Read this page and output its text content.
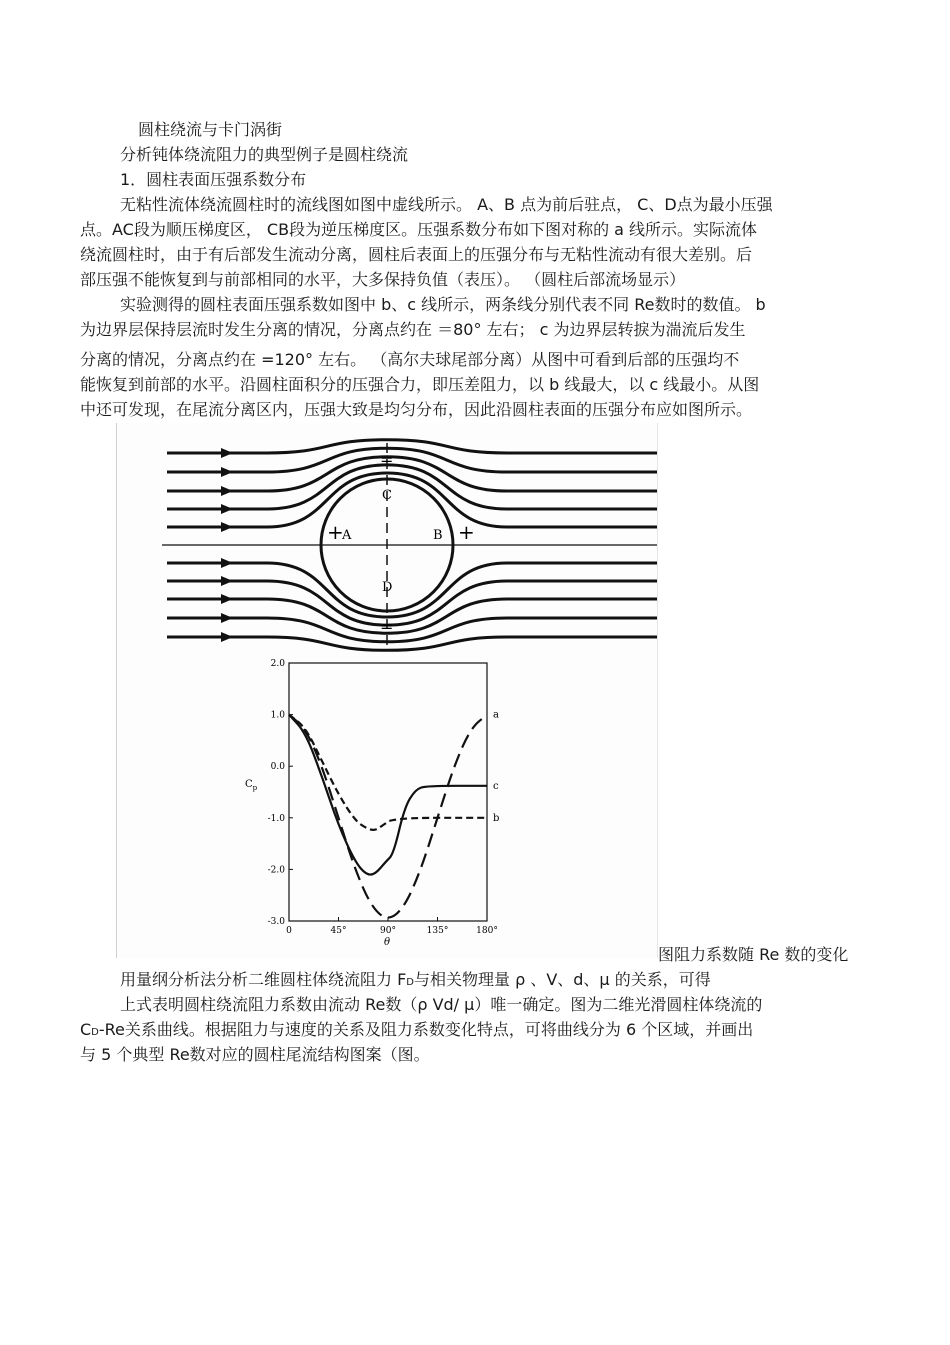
圆柱绕流与卡门涡街

分析钝体绕流阻力的典型例子是圆柱绕流

1．圆柱表面压强系数分布

无粘性流体绕流圆柱时的流线图如图中虚线所示。 A、B 点为前后驻点， C、D点为最小压强

点。AC段为顺压梯度区， CB段为逆压梯度区。压强系数分布如下图对称的 a 线所示。实际流体

绕流圆柱时，由于有后部发生流动分离，圆柱后表面上的压强分布与无粘性流动有很大差别。后

部压强不能恢复到与前部相同的水平，大多保持负值（表压）。 （圆柱后部流场显示）

实验测得的圆柱表面压强系数如图中 b、c 线所示，两条线分别代表不同 Re数时的数值。 b

为边界层保持层流时发生分离的情况，分离点约在 ＝80° 左右； c 为边界层转捩为湍流后发生

分离的情况，分离点约在 =120° 左右。 （高尔夫球尾部分离）从图中可看到后部的压强均不

能恢复到前部的水平。沿圆柱面积分的压强合力，即压差阻力，以 b 线最大，以 c 线最小。从图

中还可发现，在尾流分离区内，压强大致是均匀分布，因此沿圆柱表面的压强分布应如图所示。

+	+
=
=
A	B
C
D
2.0
1.0
0.0
-1.0
-2.0
-3.0
0	45°	90°	135°	180°
a
b
c
$C_p$
θ
图阻力系数随 Re 数的变化

用量纲分析法分析二维圆柱体绕流阻力 FD与相关物理量 ρ 、V、d、μ 的关系，可得

上式表明圆柱绕流阻力系数由流动 Re数（ρ Vd/ μ）唯一确定。图为二维光滑圆柱体绕流的

CD-Re关系曲线。根据阻力与速度的关系及阻力系数变化特点，可将曲线分为 6 个区域，并画出

与 5 个典型 Re数对应的圆柱尾流结构图案（图。
